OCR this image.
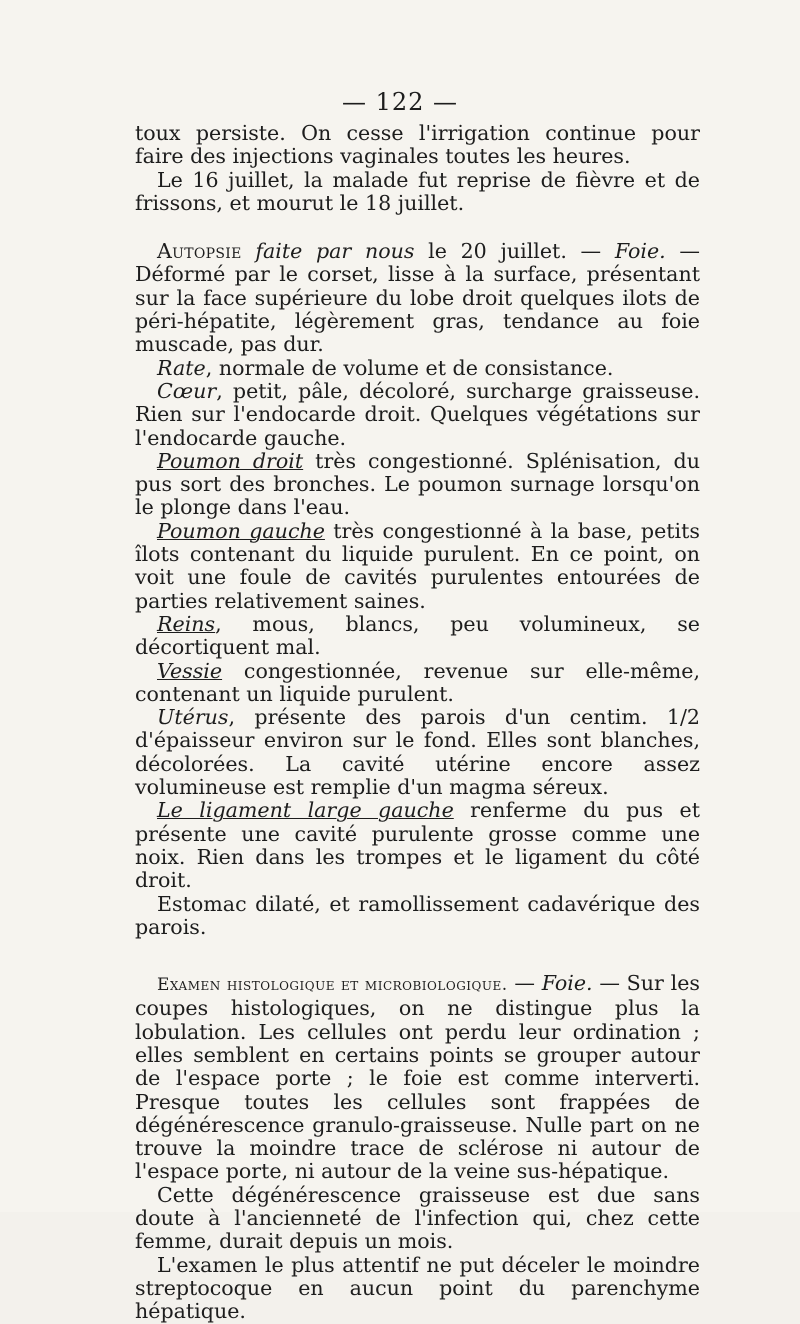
— 122 —

toux persiste. On cesse l'irrigation continue pour faire des injections vaginales toutes les heures.

Le 16 juillet, la malade fut reprise de fièvre et de frissons, et mourut le 18 juillet.

Autopsie faite par nous le 20 juillet. — Foie. — Déformé par le corset, lisse à la surface, présentant sur la face supérieure du lobe droit quelques ilots de péri-hépatite, légèrement gras, tendance au foie muscade, pas dur.

Rate, normale de volume et de consistance.

Cœur, petit, pâle, décoloré, surcharge graisseuse. Rien sur l'endocarde droit. Quelques végétations sur l'endocarde gauche.

Poumon droit très congestionné. Splénisation, du pus sort des bronches. Le poumon surnage lorsqu'on le plonge dans l'eau.

Poumon gauche très congestionné à la base, petits îlots contenant du liquide purulent. En ce point, on voit une foule de cavités purulentes entourées de parties relativement saines.

Reins, mous, blancs, peu volumineux, se décortiquent mal.

Vessie congestionnée, revenue sur elle-même, contenant un liquide purulent.

Utérus, présente des parois d'un centim. 1/2 d'épaisseur environ sur le fond. Elles sont blanches, décolorées. La cavité utérine encore assez volumineuse est remplie d'un magma séreux.

Le ligament large gauche renferme du pus et présente une cavité purulente grosse comme une noix. Rien dans les trompes et le ligament du côté droit.

Estomac dilaté, et ramollissement cadavérique des parois.

Examen histologique et microbiologique. — Foie. — Sur les coupes histologiques, on ne distingue plus la lobulation. Les cellules ont perdu leur ordination ; elles semblent en certains points se grouper autour de l'espace porte ; le foie est comme interverti. Presque toutes les cellules sont frappées de dégénérescence granulo-graisseuse. Nulle part on ne trouve la moindre trace de sclérose ni autour de l'espace porte, ni autour de la veine sus-hépatique.

Cette dégénérescence graisseuse est due sans doute à l'ancienneté de l'infection qui, chez cette femme, durait depuis un mois.

L'examen le plus attentif ne put déceler le moindre streptocoque en aucun point du parenchyme hépatique.
